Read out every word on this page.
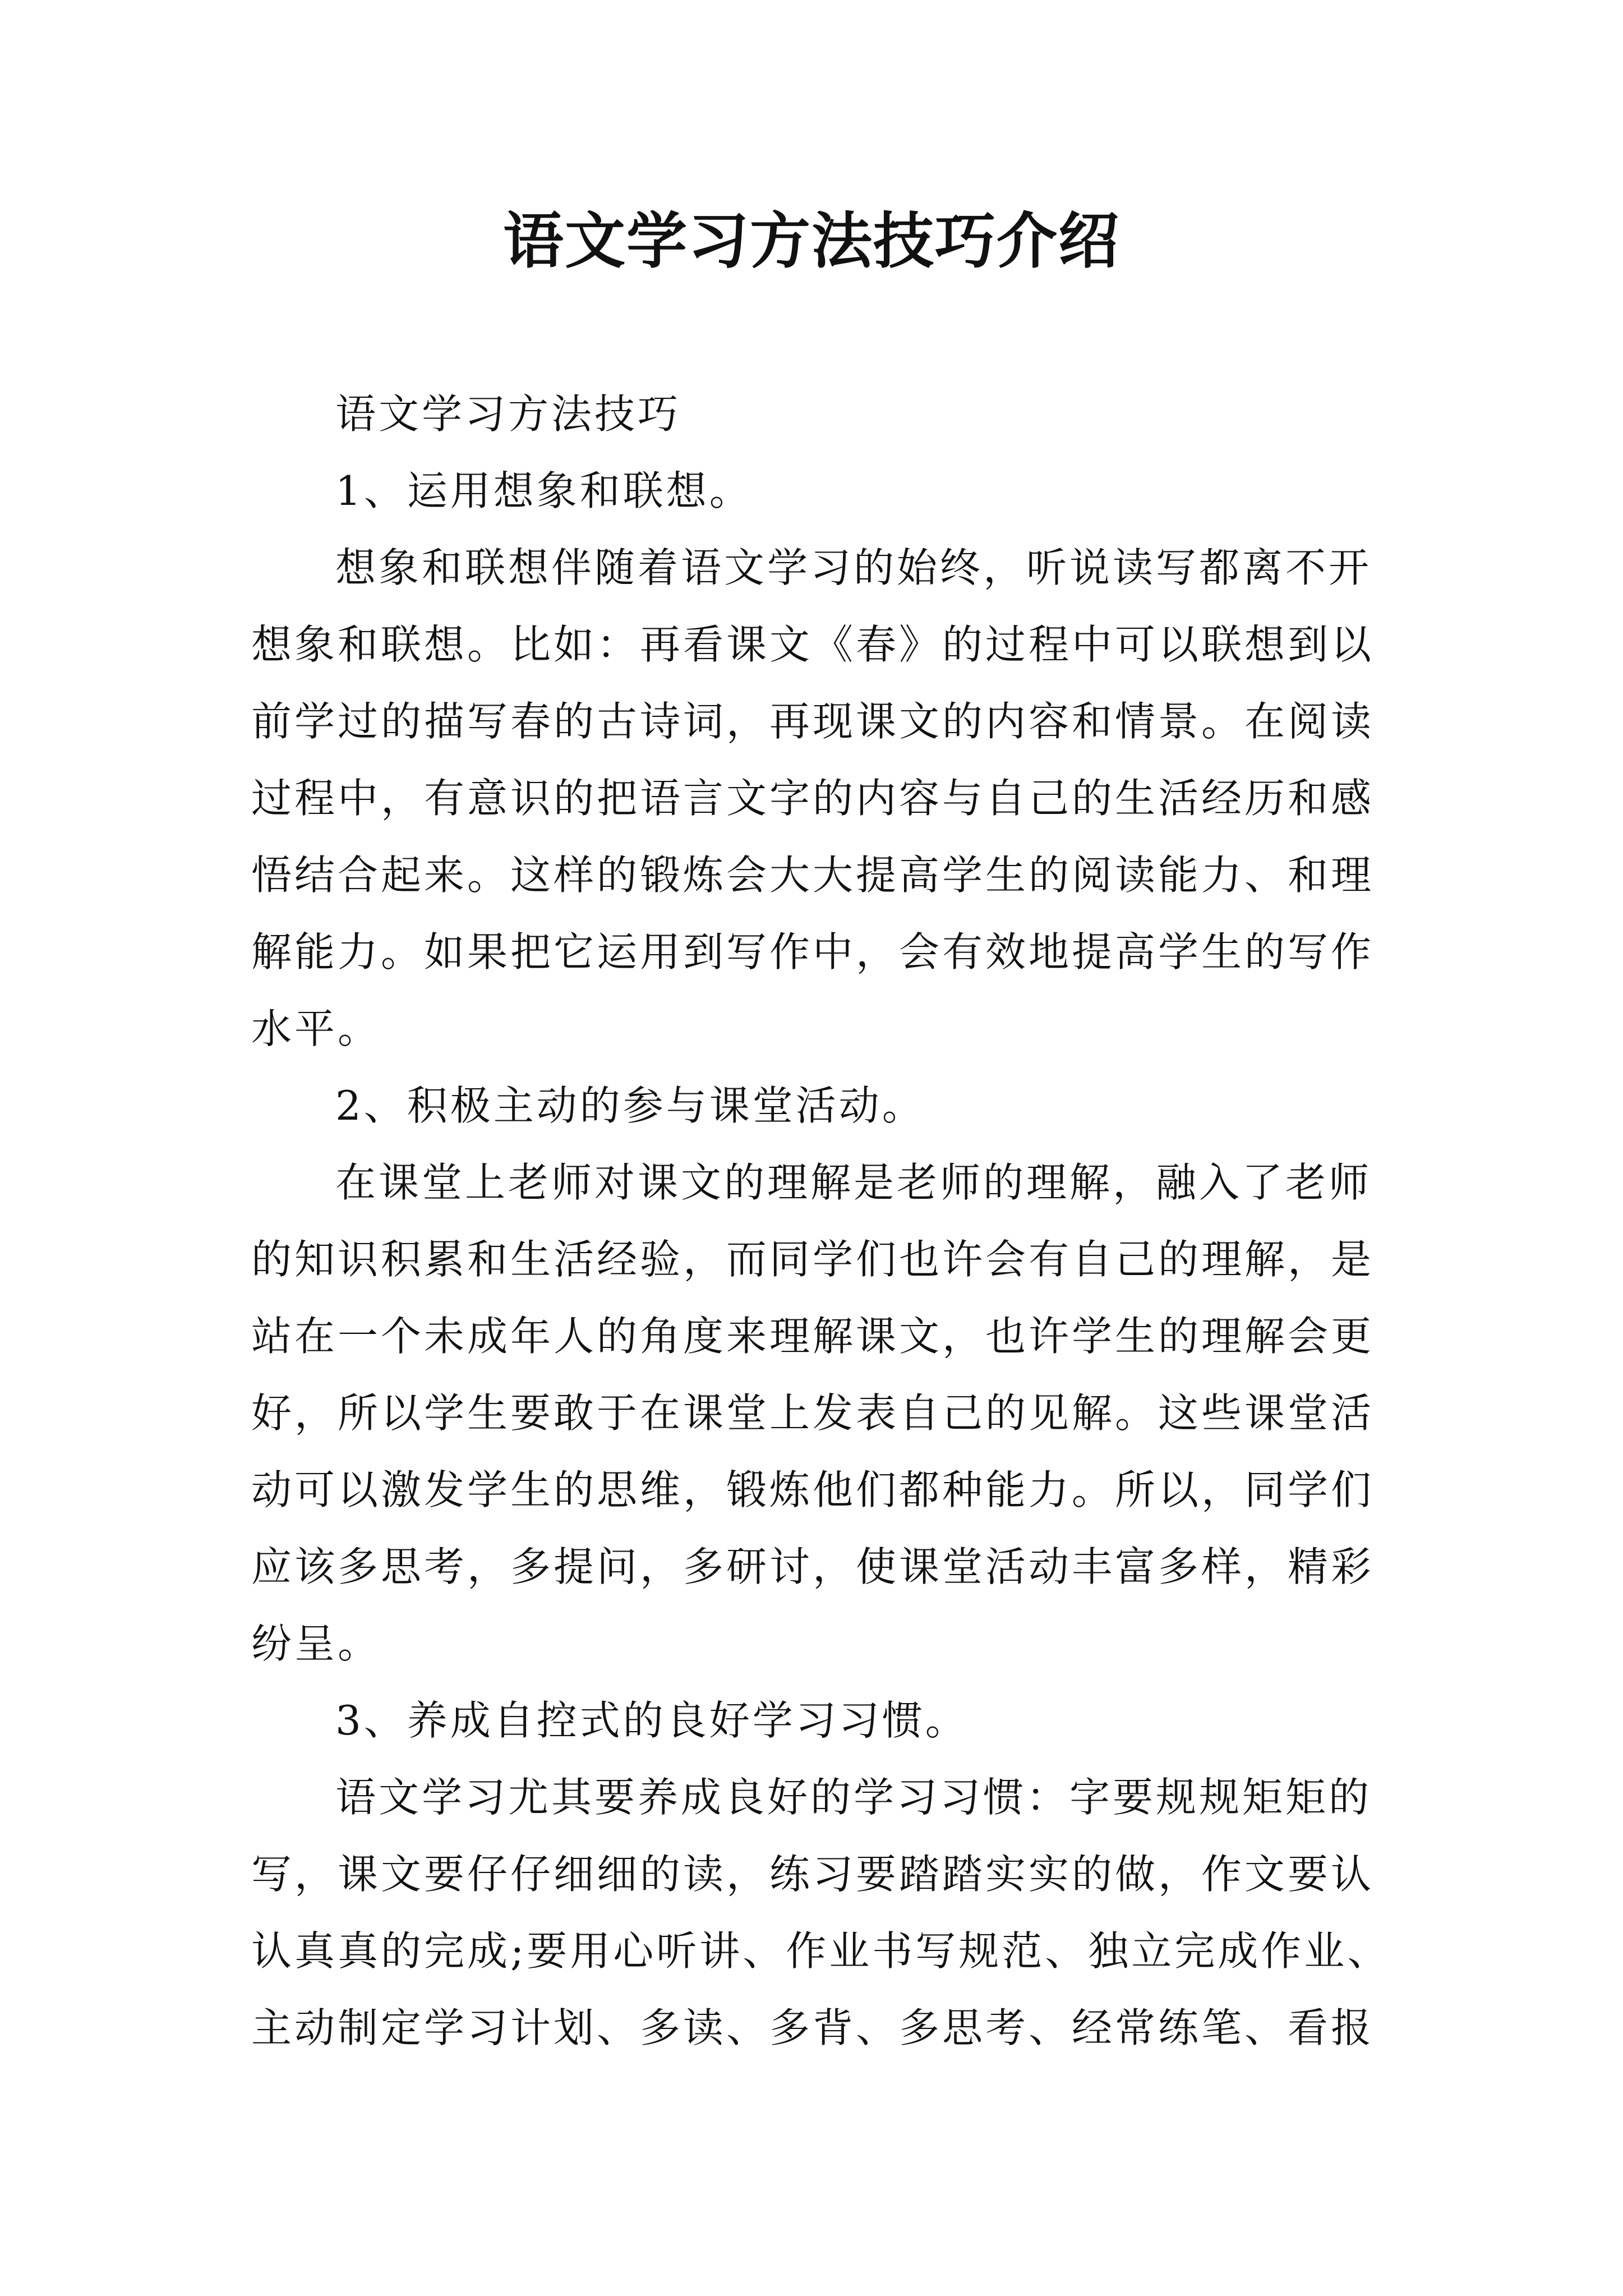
语文学习方法技巧介绍
语文学习方法技巧
1、运用想象和联想。
想象和联想伴随着语文学习的始终，听说读写都离不开
想象和联想。比如：再看课文《春》的过程中可以联想到以
前学过的描写春的古诗词，再现课文的内容和情景。在阅读
过程中，有意识的把语言文字的内容与自己的生活经历和感
悟结合起来。这样的锻炼会大大提高学生的阅读能力、和理
解能力。如果把它运用到写作中，会有效地提高学生的写作
水平。
2、积极主动的参与课堂活动。
在课堂上老师对课文的理解是老师的理解，融入了老师
的知识积累和生活经验，而同学们也许会有自己的理解，是
站在一个未成年人的角度来理解课文，也许学生的理解会更
好，所以学生要敢于在课堂上发表自己的见解。这些课堂活
动可以激发学生的思维，锻炼他们都种能力。所以，同学们
应该多思考，多提问，多研讨，使课堂活动丰富多样，精彩
纷呈。
3、养成自控式的良好学习习惯。
语文学习尤其要养成良好的学习习惯：字要规规矩矩的
写，课文要仔仔细细的读，练习要踏踏实实的做，作文要认
认真真的完成;要用心听讲、作业书写规范、独立完成作业、
主动制定学习计划、多读、多背、多思考、经常练笔、看报
